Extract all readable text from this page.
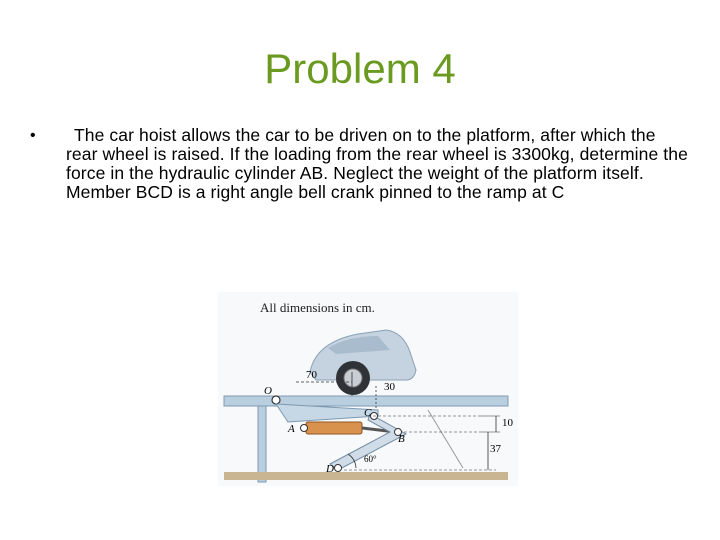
Problem 4
•	The car hoist allows the car to be driven on to the platform, after which the rear wheel is raised. If the loading from the rear wheel is 3300kg, determine the force in the hydraulic cylinder AB. Neglect the weight of the platform itself. Member BCD is a right angle bell crank pinned to the ramp at C
O
A
B
C
D
70
30
10
37
60°
All dimensions in cm.
